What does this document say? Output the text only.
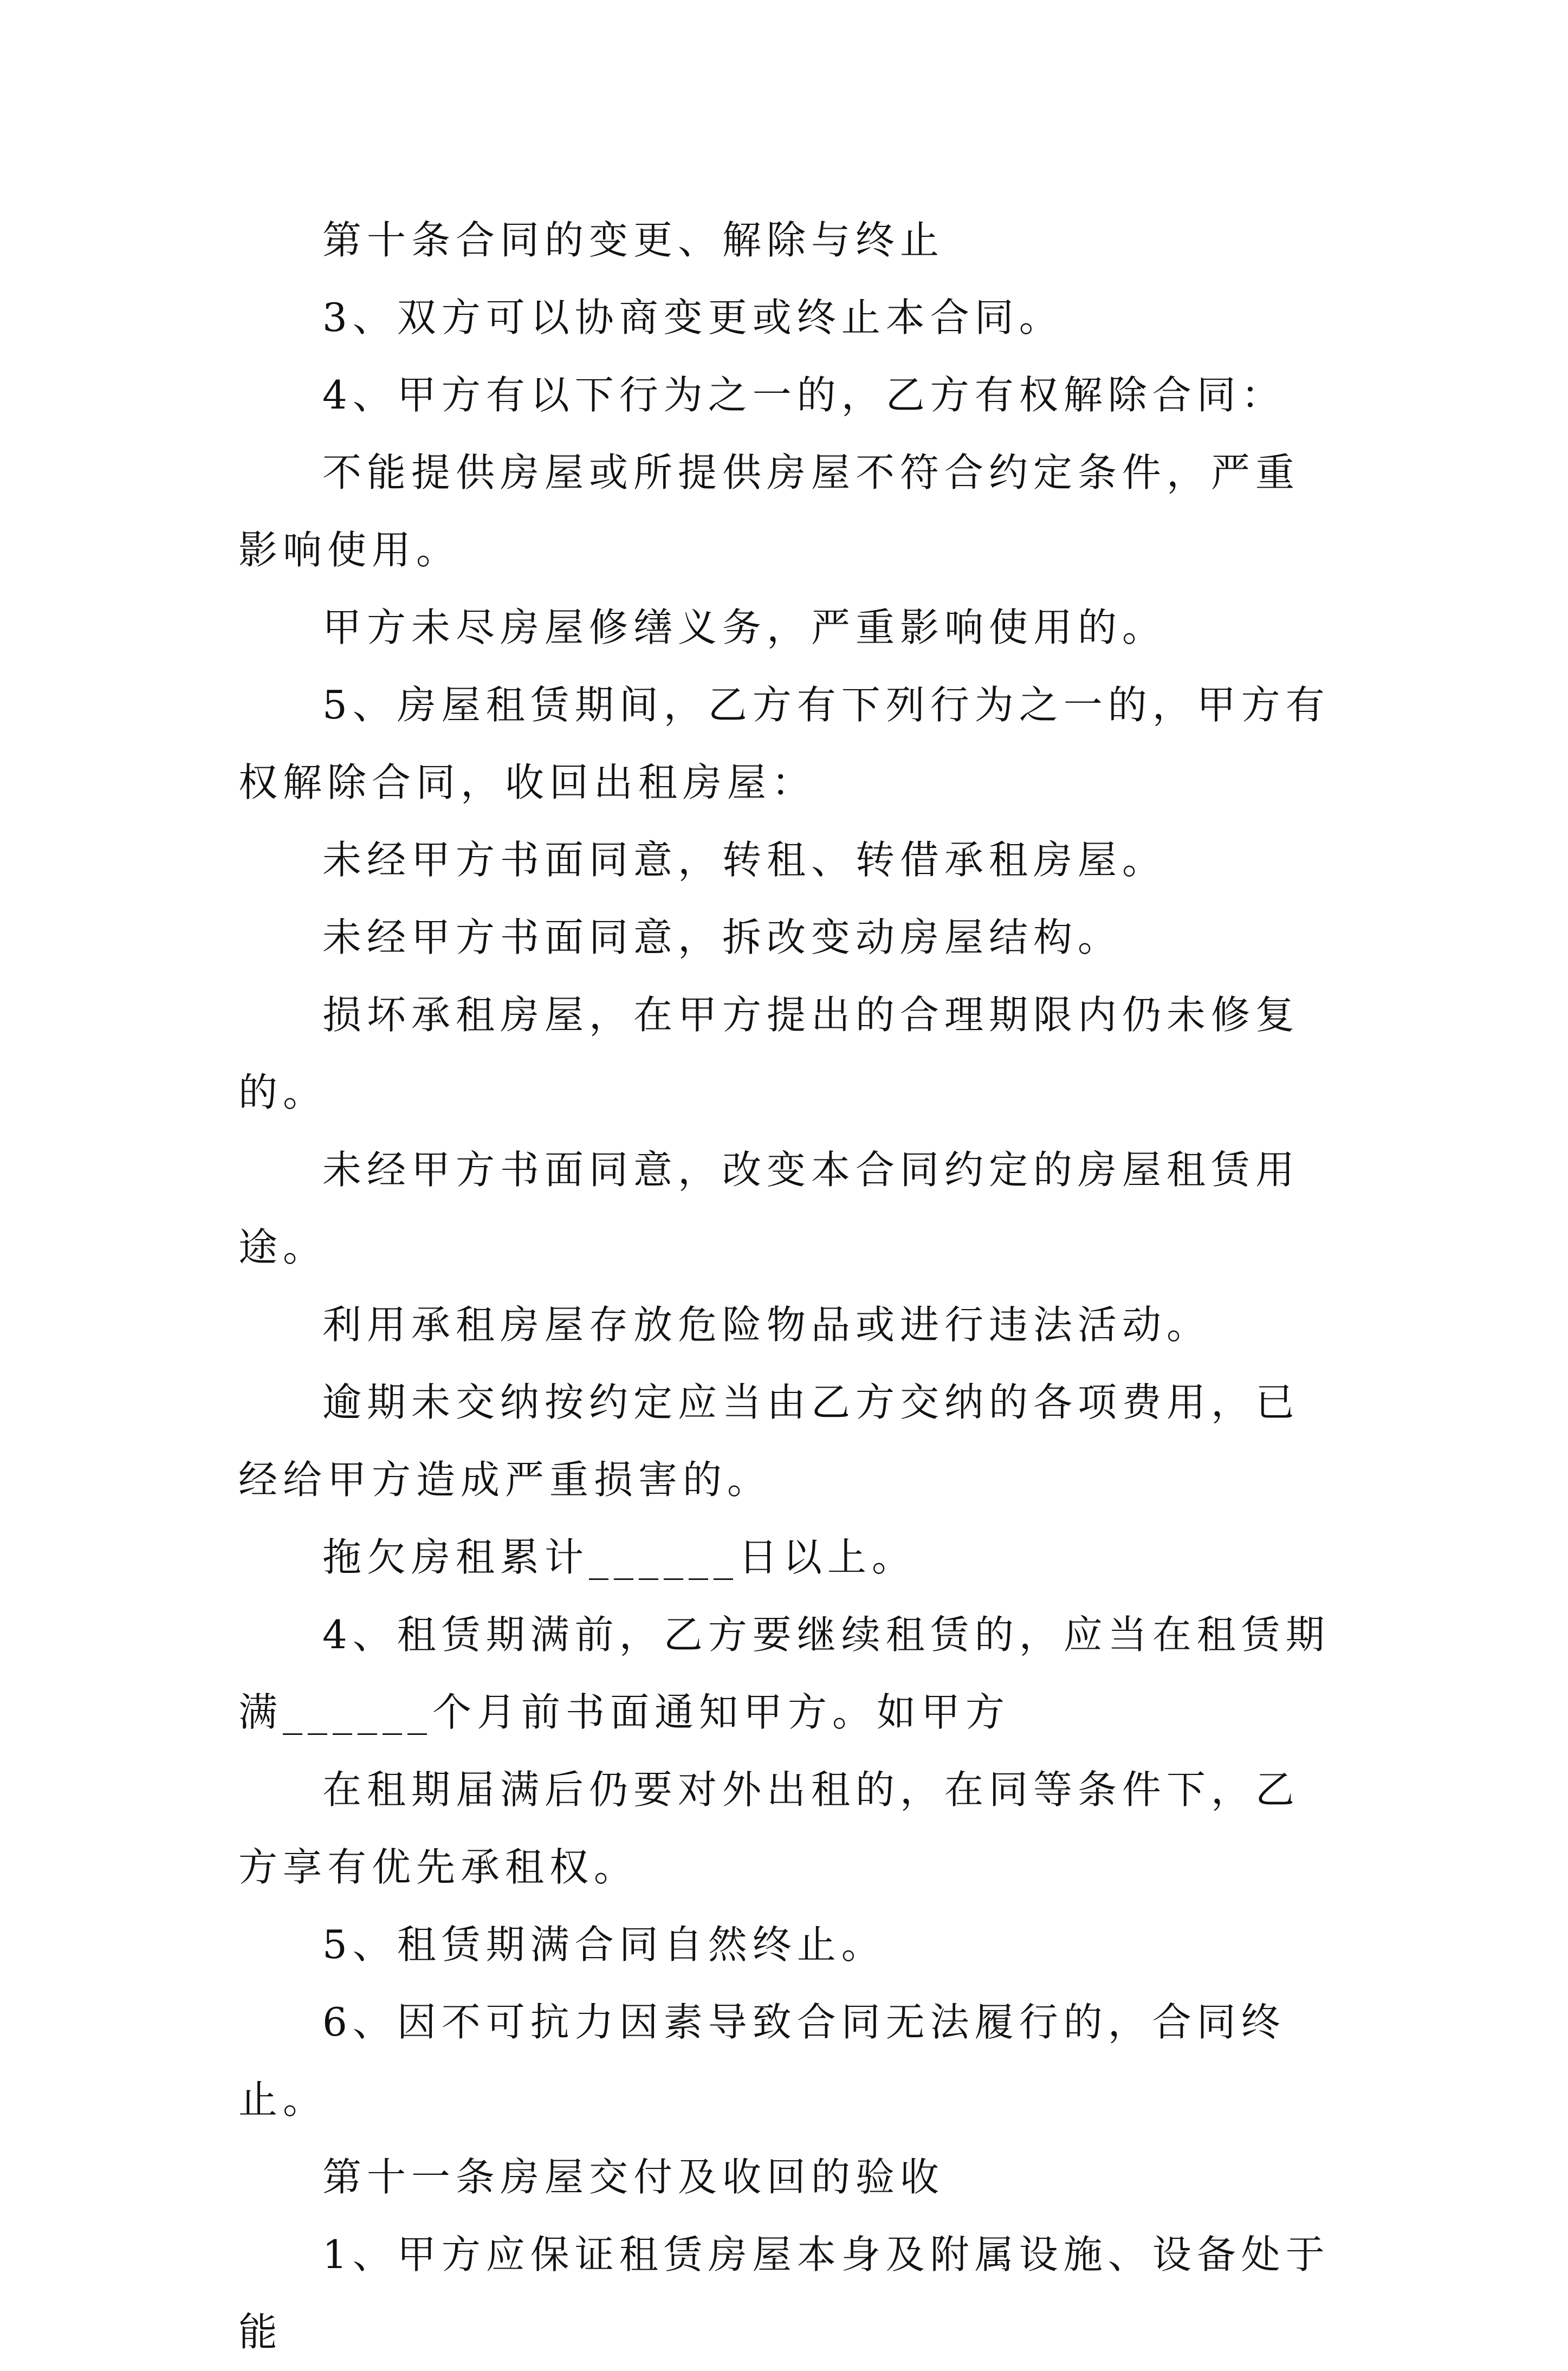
第十条合同的变更、解除与终止

3、双方可以协商变更或终止本合同。

4、甲方有以下行为之一的，乙方有权解除合同：

不能提供房屋或所提供房屋不符合约定条件，严重影响使用。

甲方未尽房屋修缮义务，严重影响使用的。

5、房屋租赁期间，乙方有下列行为之一的，甲方有权解除合同，收回出租房屋：

未经甲方书面同意，转租、转借承租房屋。

未经甲方书面同意，拆改变动房屋结构。

损坏承租房屋，在甲方提出的合理期限内仍未修复的。

未经甲方书面同意，改变本合同约定的房屋租赁用途。

利用承租房屋存放危险物品或进行违法活动。

逾期未交纳按约定应当由乙方交纳的各项费用，已经给甲方造成严重损害的。

拖欠房租累计______日以上。

4、租赁期满前，乙方要继续租赁的，应当在租赁期满______个月前书面通知甲方。如甲方

在租期届满后仍要对外出租的，在同等条件下，乙方享有优先承租权。

5、租赁期满合同自然终止。

6、因不可抗力因素导致合同无法履行的，合同终止。

第十一条房屋交付及收回的验收

1、甲方应保证租赁房屋本身及附属设施、设备处于能
